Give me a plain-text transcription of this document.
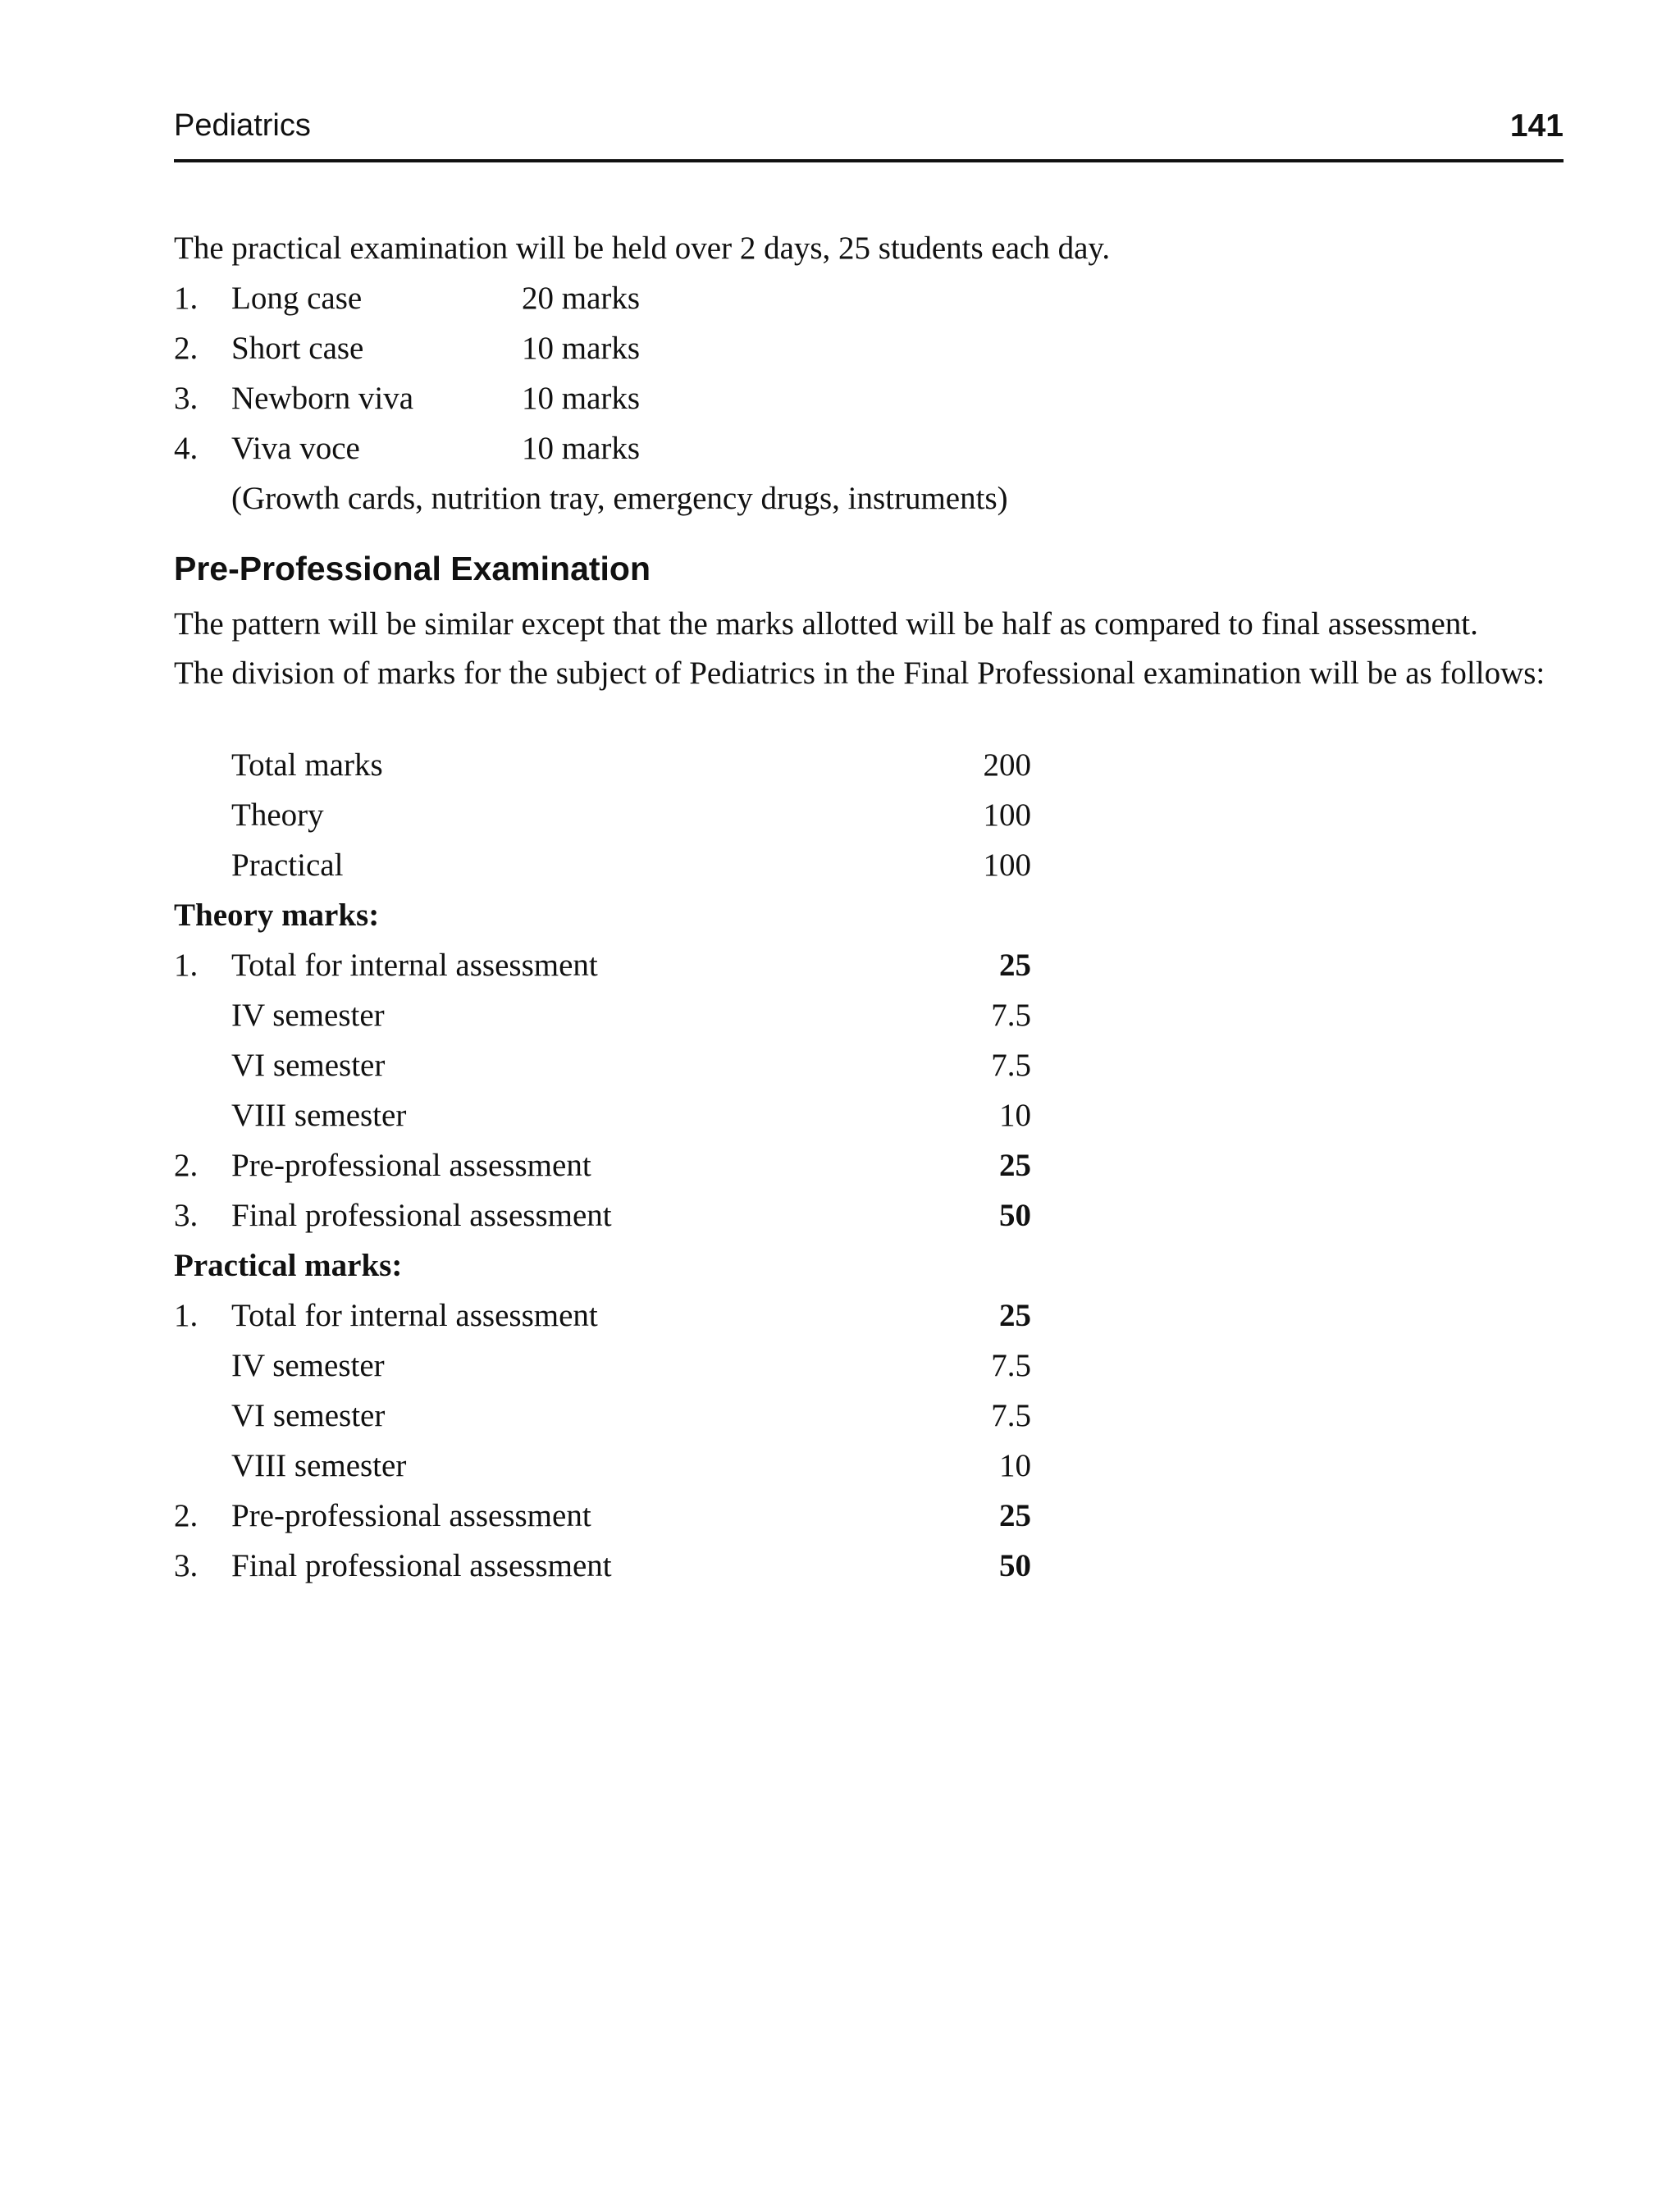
Pediatrics	141
The practical examination will be held over 2 days, 25 students each day.
1. Long case	20 marks
2. Short case	10 marks
3. Newborn viva	10 marks
4. Viva voce	10 marks
(Growth cards, nutrition tray, emergency drugs, instruments)
Pre-Professional Examination
The pattern will be similar except that the marks allotted will be half as compared to final assessment.
The division of marks for the subject of Pediatrics in the Final Professional examination will be as follows:
Total marks	200
Theory	100
Practical	100
Theory marks:
1. Total for internal assessment	25
IV semester	7.5
VI semester	7.5
VIII semester	10
2. Pre-professional assessment	25
3. Final professional assessment	50
Practical marks:
1. Total for internal assessment	25
IV semester	7.5
VI semester	7.5
VIII semester	10
2. Pre-professional assessment	25
3. Final professional assessment	50
